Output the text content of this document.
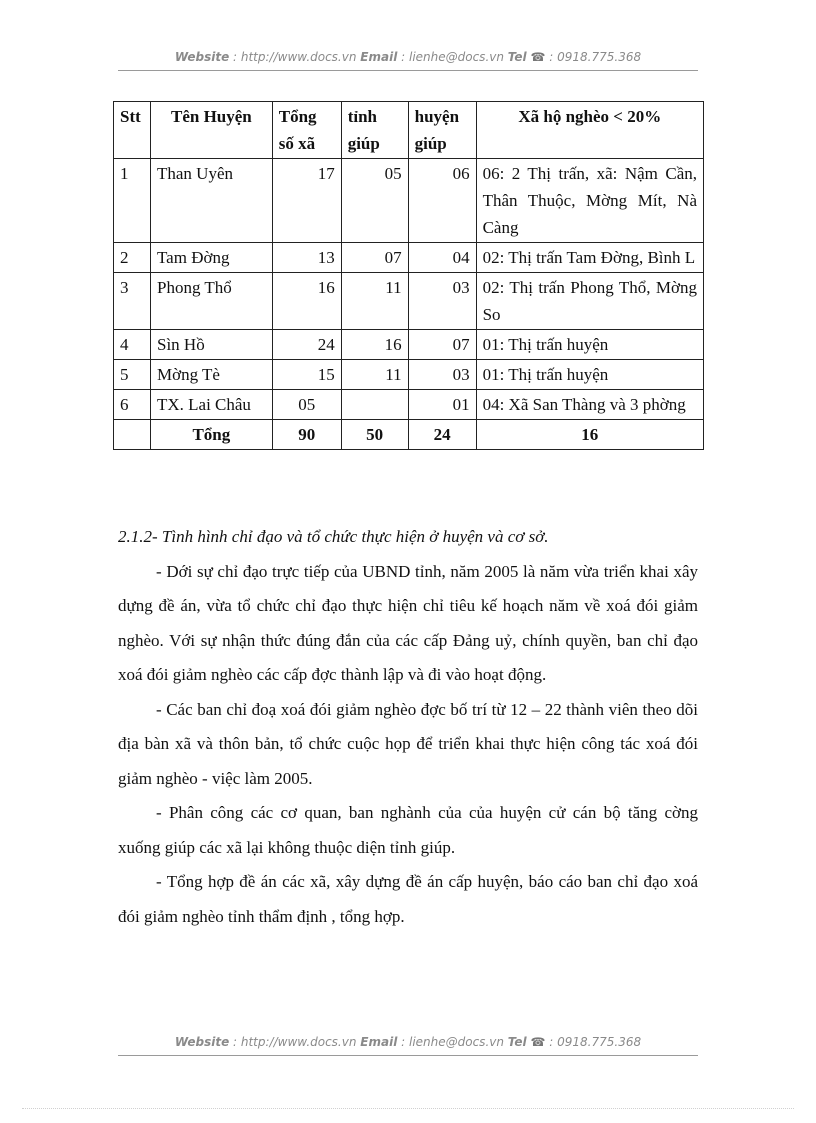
Website : http://www.docs.vn Email : lienhe@docs.vn Tel ☎ : 0918.775.368
Stt	Tên Huyện	Tổng số xã	tỉnh giúp	huyện giúp	Xã hộ nghèo < 20%
1	Than Uyên	17	05	06	06: 2 Thị trấn, xã: Nậm Cần, Thân Thuộc, Mờng Mít, Nà Càng
2	Tam Đờng	13	07	04	02: Thị trấn Tam Đờng, Bình L
3	Phong Thổ	16	11	03	02: Thị trấn Phong Thổ, Mờng So
4	Sìn Hồ	24	16	07	01: Thị trấn huyện
5	Mờng Tè	15	11	03	01: Thị trấn huyện
6	TX. Lai Châu	05		01	04: Xã San Thàng và 3 phờng
	Tổng	90	50	24	16
2.1.2- Tình hình chỉ đạo và tổ chức thực hiện ở huyện và cơ sở.

- Dới sự chỉ đạo trực tiếp của UBND tỉnh, năm 2005 là năm vừa triển khai xây dựng đề án, vừa tổ chức chỉ đạo thực hiện chỉ tiêu kế hoạch năm về xoá đói giảm nghèo. Với sự nhận thức đúng đắn của các cấp Đảng uỷ, chính quyền, ban chỉ đạo xoá đói giảm nghèo các cấp đợc thành lập và đi vào hoạt động.

- Các ban chỉ đoạ xoá đói giảm nghèo đợc bố trí từ 12 – 22 thành viên theo dõi địa bàn xã và thôn bản, tổ chức cuộc họp để triển khai thực hiện công tác xoá đói giảm nghèo - việc làm 2005.

- Phân công các cơ quan, ban nghành của của huyện cử cán bộ tăng cờng xuống giúp các xã lại không thuộc diện tỉnh giúp.

- Tổng hợp đề án các xã, xây dựng đề án cấp huyện, báo cáo ban chỉ đạo xoá đói giảm nghèo tỉnh thẩm định , tổng hợp.

Website : http://www.docs.vn Email : lienhe@docs.vn Tel ☎ : 0918.775.368
